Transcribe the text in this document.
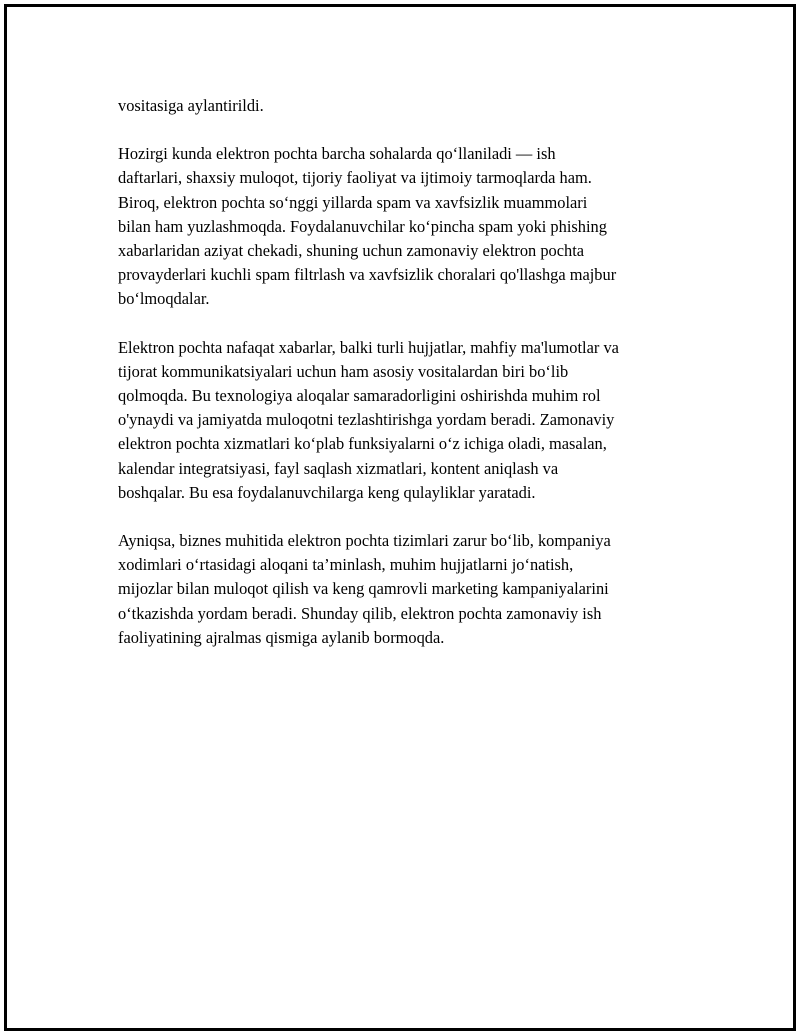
vositasiga aylantirildi.

Hozirgi kunda elektron pochta barcha sohalarda qo‘llaniladi — ish
daftarlari, shaxsiy muloqot, tijoriy faoliyat va ijtimoiy tarmoqlarda ham.
Biroq, elektron pochta so‘nggi yillarda spam va xavfsizlik muammolari
bilan ham yuzlashmoqda. Foydalanuvchilar ko‘pincha spam yoki phishing
xabarlaridan aziyat chekadi, shuning uchun zamonaviy elektron pochta
provayderlari kuchli spam filtrlash va xavfsizlik choralari qo'llashga majbur
bo‘lmoqdalar.

Elektron pochta nafaqat xabarlar, balki turli hujjatlar, mahfiy ma'lumotlar va
tijorat kommunikatsiyalari uchun ham asosiy vositalardan biri bo‘lib
qolmoqda. Bu texnologiya aloqalar samaradorligini oshirishda muhim rol
o'ynaydi va jamiyatda muloqotni tezlashtirishga yordam beradi. Zamonaviy
elektron pochta xizmatlari ko‘plab funksiyalarni o‘z ichiga oladi, masalan,
kalendar integratsiyasi, fayl saqlash xizmatlari, kontent aniqlash va
boshqalar. Bu esa foydalanuvchilarga keng qulayliklar yaratadi.

Ayniqsa, biznes muhitida elektron pochta tizimlari zarur bo‘lib, kompaniya
xodimlari o‘rtasidagi aloqani ta’minlash, muhim hujjatlarni jo‘natish,
mijozlar bilan muloqot qilish va keng qamrovli marketing kampaniyalarini
o‘tkazishda yordam beradi. Shunday qilib, elektron pochta zamonaviy ish
faoliyatining ajralmas qismiga aylanib bormoqda.
